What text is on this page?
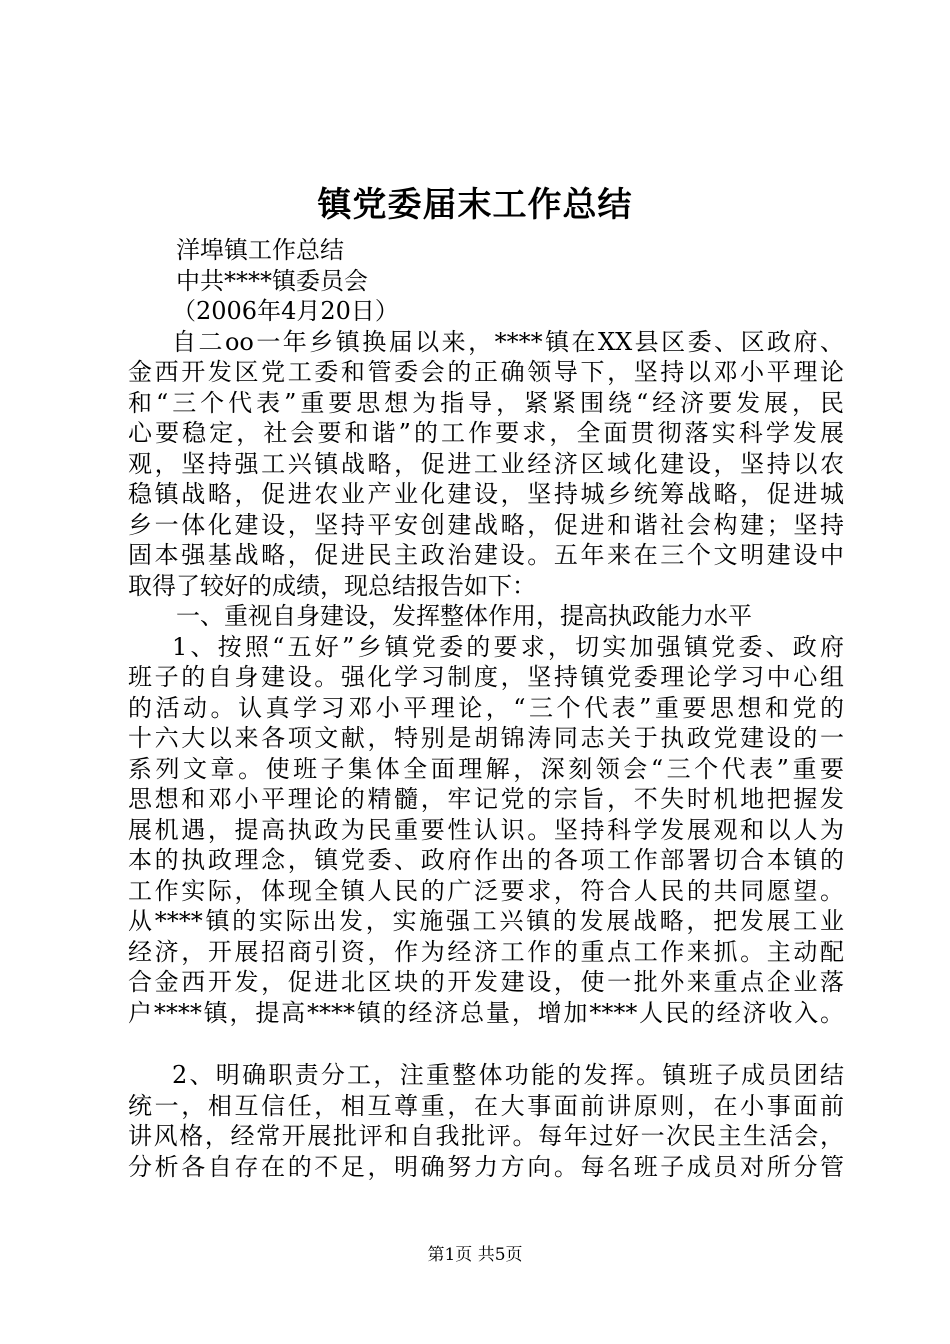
镇党委届末工作总结
洋埠镇工作总结
中共****镇委员会
（2006年4月20日）
自二oo一年乡镇换届以来，****镇在XX县区委、区政府、
金西开发区党工委和管委会的正确领导下，坚持以邓小平理论
和“三个代表”重要思想为指导，紧紧围绕“经济要发展，民
心要稳定，社会要和谐”的工作要求，全面贯彻落实科学发展
观，坚持强工兴镇战略，促进工业经济区域化建设，坚持以农
稳镇战略，促进农业产业化建设，坚持城乡统筹战略，促进城
乡一体化建设，坚持平安创建战略，促进和谐社会构建；坚持
固本强基战略，促进民主政治建设。五年来在三个文明建设中
取得了较好的成绩，现总结报告如下：
一、重视自身建设，发挥整体作用，提高执政能力水平
1、按照“五好”乡镇党委的要求，切实加强镇党委、政府
班子的自身建设。强化学习制度，坚持镇党委理论学习中心组
的活动。认真学习邓小平理论，“三个代表”重要思想和党的
十六大以来各项文献，特别是胡锦涛同志关于执政党建设的一
系列文章。使班子集体全面理解，深刻领会“三个代表”重要
思想和邓小平理论的精髓，牢记党的宗旨，不失时机地把握发
展机遇，提高执政为民重要性认识。坚持科学发展观和以人为
本的执政理念，镇党委、政府作出的各项工作部署切合本镇的
工作实际，体现全镇人民的广泛要求，符合人民的共同愿望。
从****镇的实际出发，实施强工兴镇的发展战略，把发展工业
经济，开展招商引资，作为经济工作的重点工作来抓。主动配
合金西开发，促进北区块的开发建设，使一批外来重点企业落
户****镇，提高****镇的经济总量，增加****人民的经济收入。
2、明确职责分工，注重整体功能的发挥。镇班子成员团结
统一，相互信任，相互尊重，在大事面前讲原则，在小事面前
讲风格，经常开展批评和自我批评。每年过好一次民主生活会，
分析各自存在的不足，明确努力方向。每名班子成员对所分管
第1页 共5页
